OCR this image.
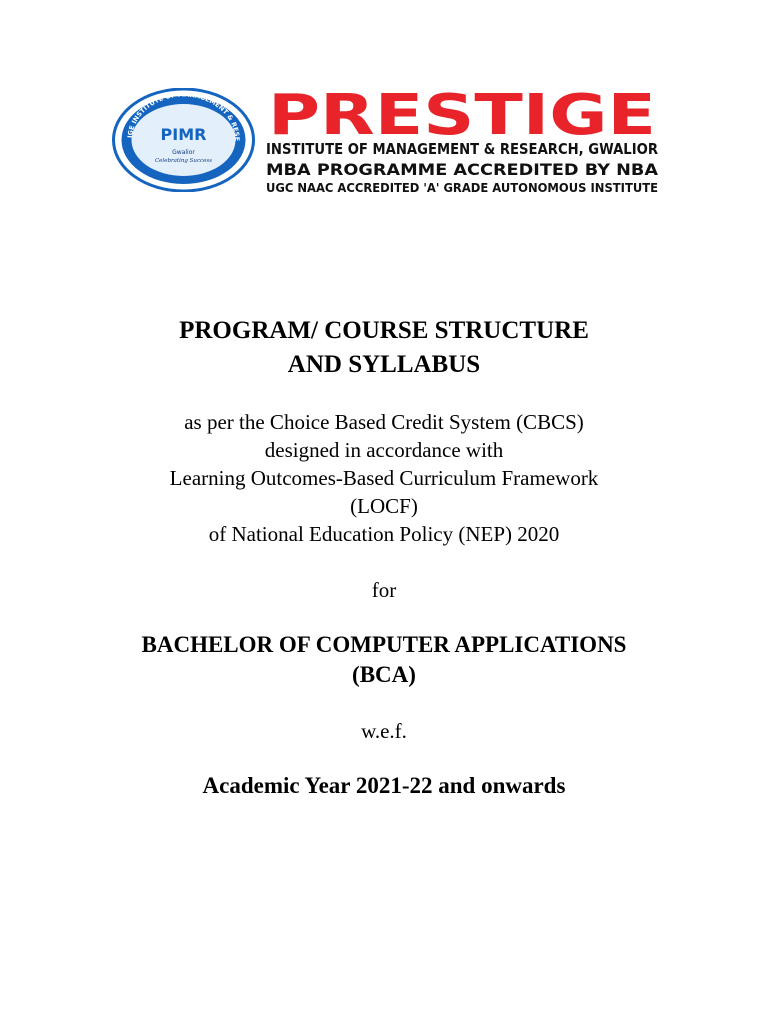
IGE INSTITUTE OF MANAGEMENT & RESE
PIMR
Gwalior
Celebrating Success
PRESTIGE
INSTITUTE OF MANAGEMENT & RESEARCH, GWALIOR
MBA PROGRAMME ACCREDITED BY NBA
UGC NAAC ACCREDITED 'A' GRADE AUTONOMOUS INSTITUTE
PROGRAM/ COURSE STRUCTURE
AND SYLLABUS
as per the Choice Based Credit System (CBCS)
designed in accordance with
Learning Outcomes-Based Curriculum Framework
(LOCF)
of National Education Policy (NEP) 2020
for
BACHELOR OF COMPUTER APPLICATIONS
(BCA)
w.e.f.
Academic Year 2021-22 and onwards
